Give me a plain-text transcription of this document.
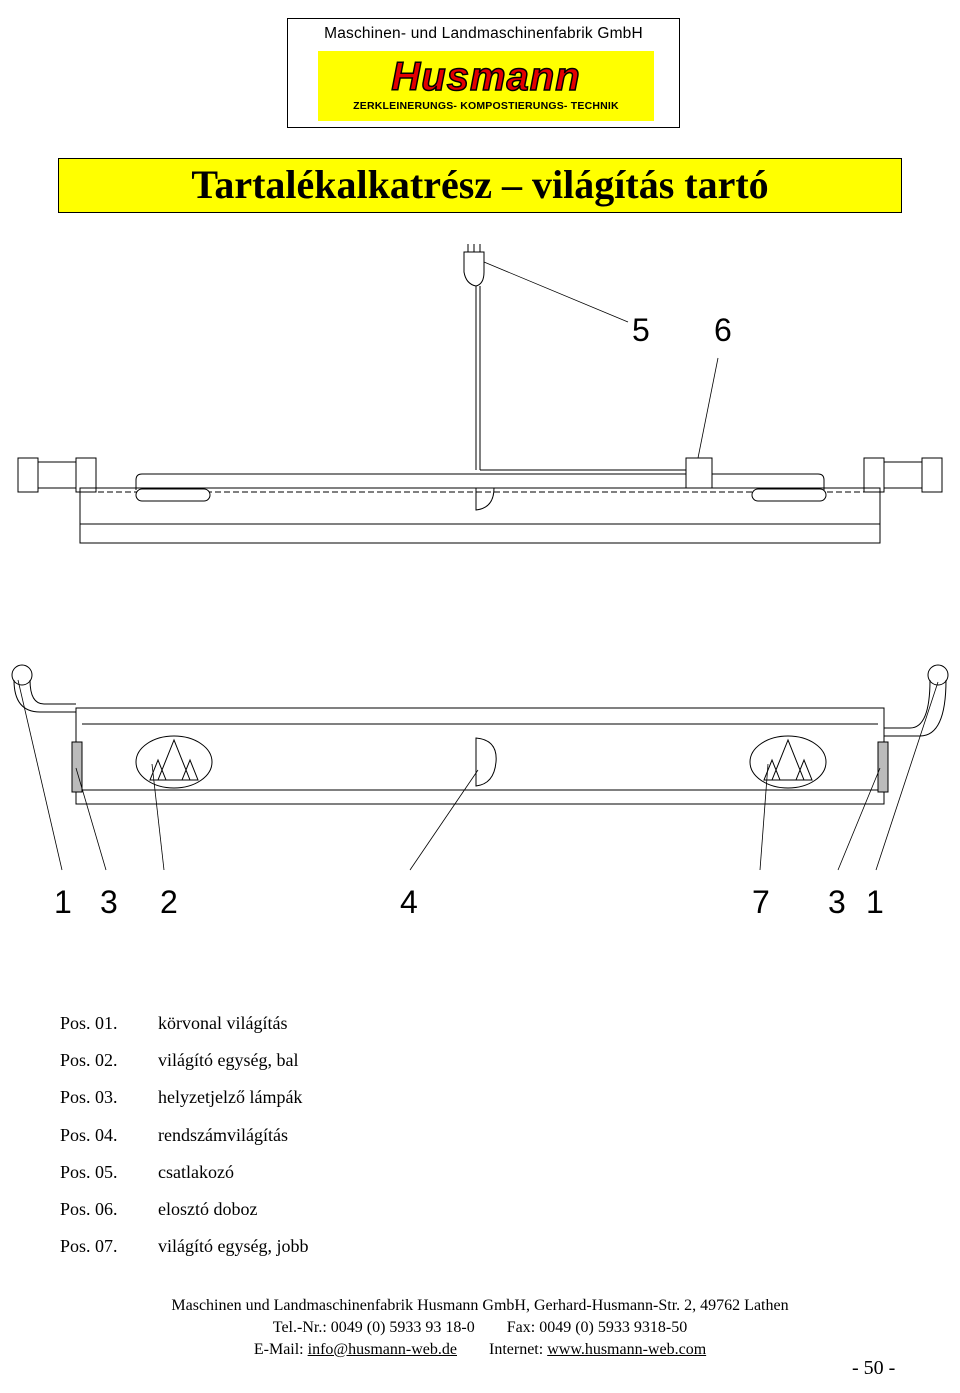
Maschinen- und Landmaschinenfabrik GmbH
Husmann
ZERKLEINERUNGS- KOMPOSTIERUNGS- TECHNIK
Tartalékalkatrész – világítás tartó
5 6
1 3 2	4	7 3 1
Pos. 01.	körvonal világítás
Pos. 02.	világító egység, bal
Pos. 03.	helyzetjelző lámpák
Pos. 04.	rendszámvilágítás
Pos. 05.	csatlakozó
Pos. 06.	elosztó doboz
Pos. 07.	világító egység, jobb
Maschinen und Landmaschinenfabrik Husmann GmbH, Gerhard-Husmann-Str. 2, 49762 Lathen
Tel.-Nr.: 0049 (0) 5933 93 18-0 Fax: 0049 (0) 5933 9318-50
E-Mail: info@husmann-web.de Internet: www.husmann-web.com
- 50 -
